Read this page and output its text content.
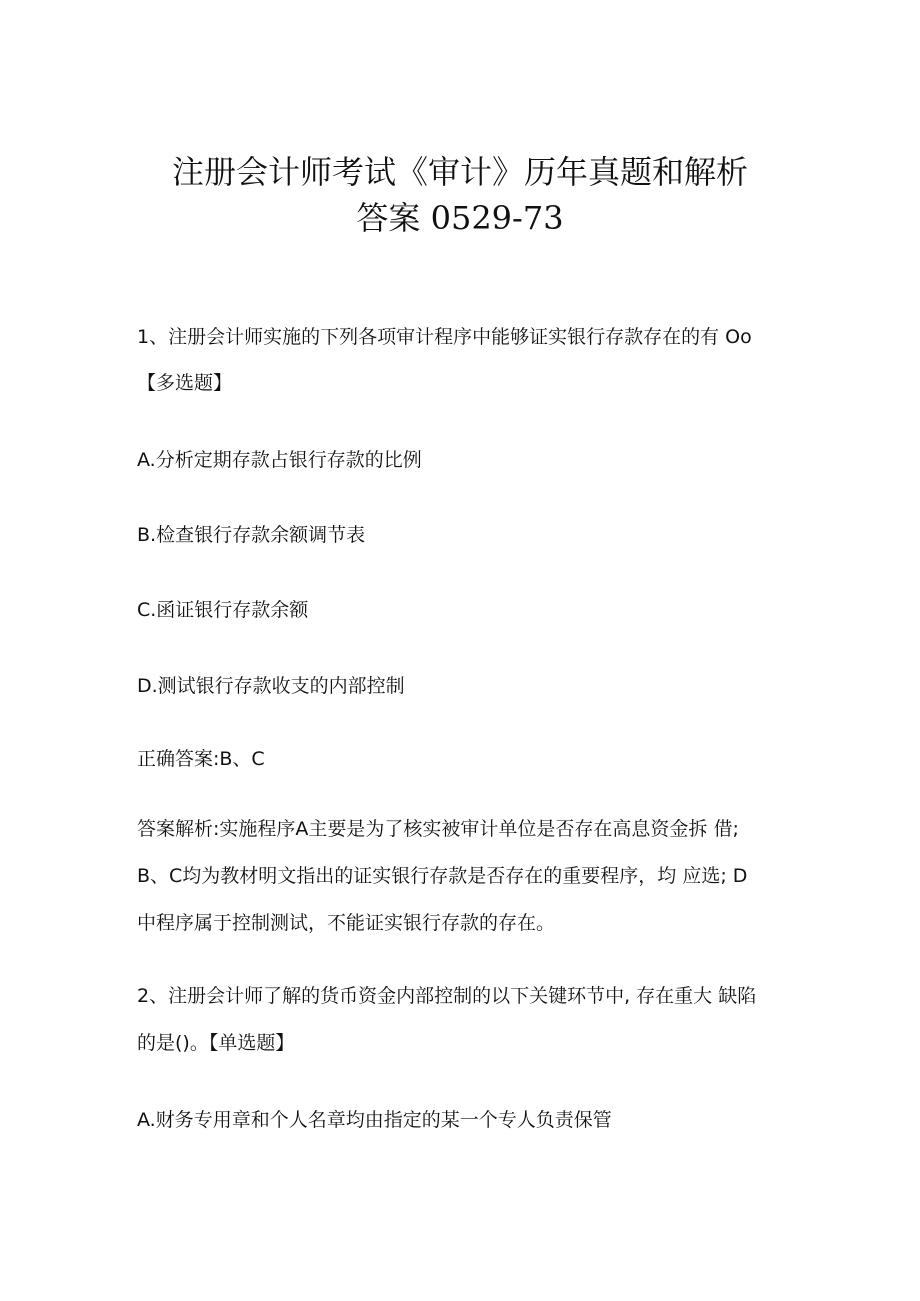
注册会计师考试《审计》历年真题和解析
答案 0529-73
1、注册会计师实施的下列各项审计程序中能够证实银行存款存在的有 Oo
【多选题】
A.分析定期存款占银行存款的比例
B.检查银行存款余额调节表
C.函证银行存款余额
D.测试银行存款收支的内部控制
正确答案:B、C
答案解析:实施程序A主要是为了核实被审计单位是否存在高息资金拆 借;
B、C均为教材明文指出的证实银行存款是否存在的重要程序，均 应选; D
中程序属于控制测试，不能证实银行存款的存在。
2、注册会计师了解的货币资金内部控制的以下关键环节中, 存在重大 缺陷
的是()。【单选题】
A.财务专用章和个人名章均由指定的某一个专人负责保管
